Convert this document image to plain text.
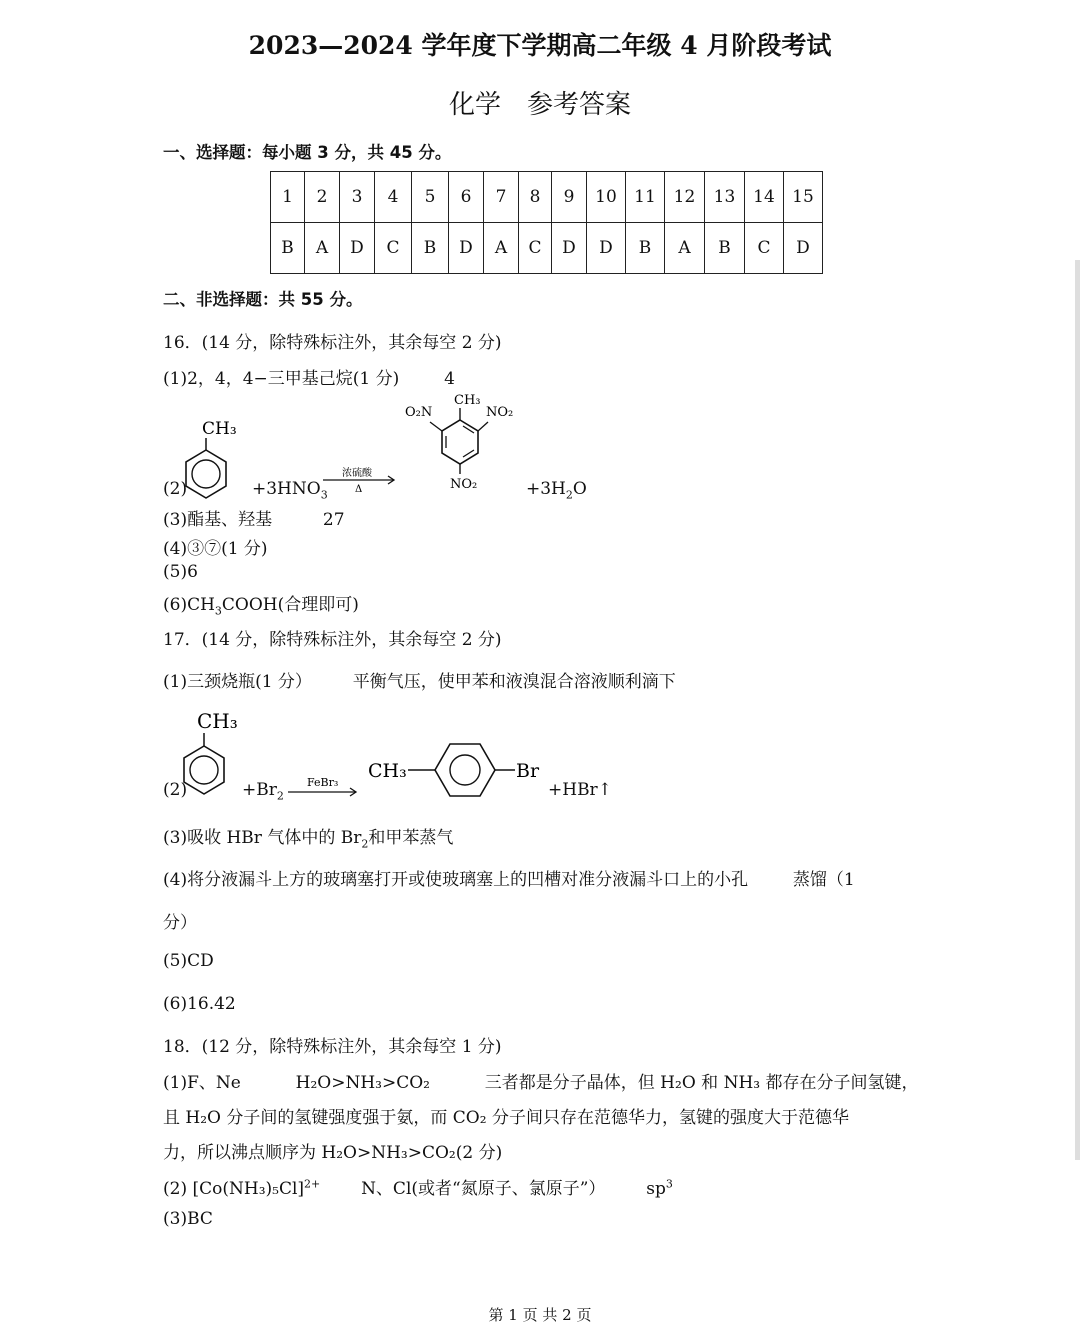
2023—2024 学年度下学期高二年级 4 月阶段考试
化学　参考答案
一、选择题：每小题 3 分，共 45 分。
1	2	3	4	5	6	7	8	9	10	11	12	13	14	15
B	A	D	C	B	D	A	C	D	D	B	A	B	C	D
二、非选择题：共 55 分。
16．(14 分，除特殊标注外，其余每空 2 分)
(1)2，4，4−三甲基己烷(1 分)	4
CH₃
浓硫酸
Δ
CH₃
O₂N	NO₂
NO₂
(2)	$+3HNO_3$	$+3H_2O$
(3)酯基、羟基	27
(4)③⑦(1 分)
(5)6
$(6)CH_3COOH$(合理即可)
17．(14 分，除特殊标注外，其余每空 2 分)
(1)三颈烧瓶(1 分） 平衡气压，使甲苯和液溴混合溶液顺利滴下
CH₃
FeBr₃
CH₃	Br
(2)	$+Br_2$	+HBr↑
(3)吸收 HBr 气体中的 $Br_2$和甲苯蒸气
(4)将分液漏斗上方的玻璃塞打开或使玻璃塞上的凹槽对准分液漏斗口上的小孔	蒸馏（1
分）
(5)CD
(6)16.42
18．(12 分，除特殊标注外，其余每空 1 分)
(1)F、Ne	H₂O>NH₃>CO₂	三者都是分子晶体，但 H₂O 和 NH₃ 都存在分子间氢键，
且 H₂O 分子间的氢键强度强于氨，而 CO₂ 分子间只存在范德华力，氢键的强度大于范德华
力，所以沸点顺序为 H₂O>NH₃>CO₂(2 分)
(2) $[Co(NH_3)_5Cl]^{2+}$ N、Cl(或者“氮原子、氯原子”） $sp^3$
(3)BC
第 1 页 共 2 页
